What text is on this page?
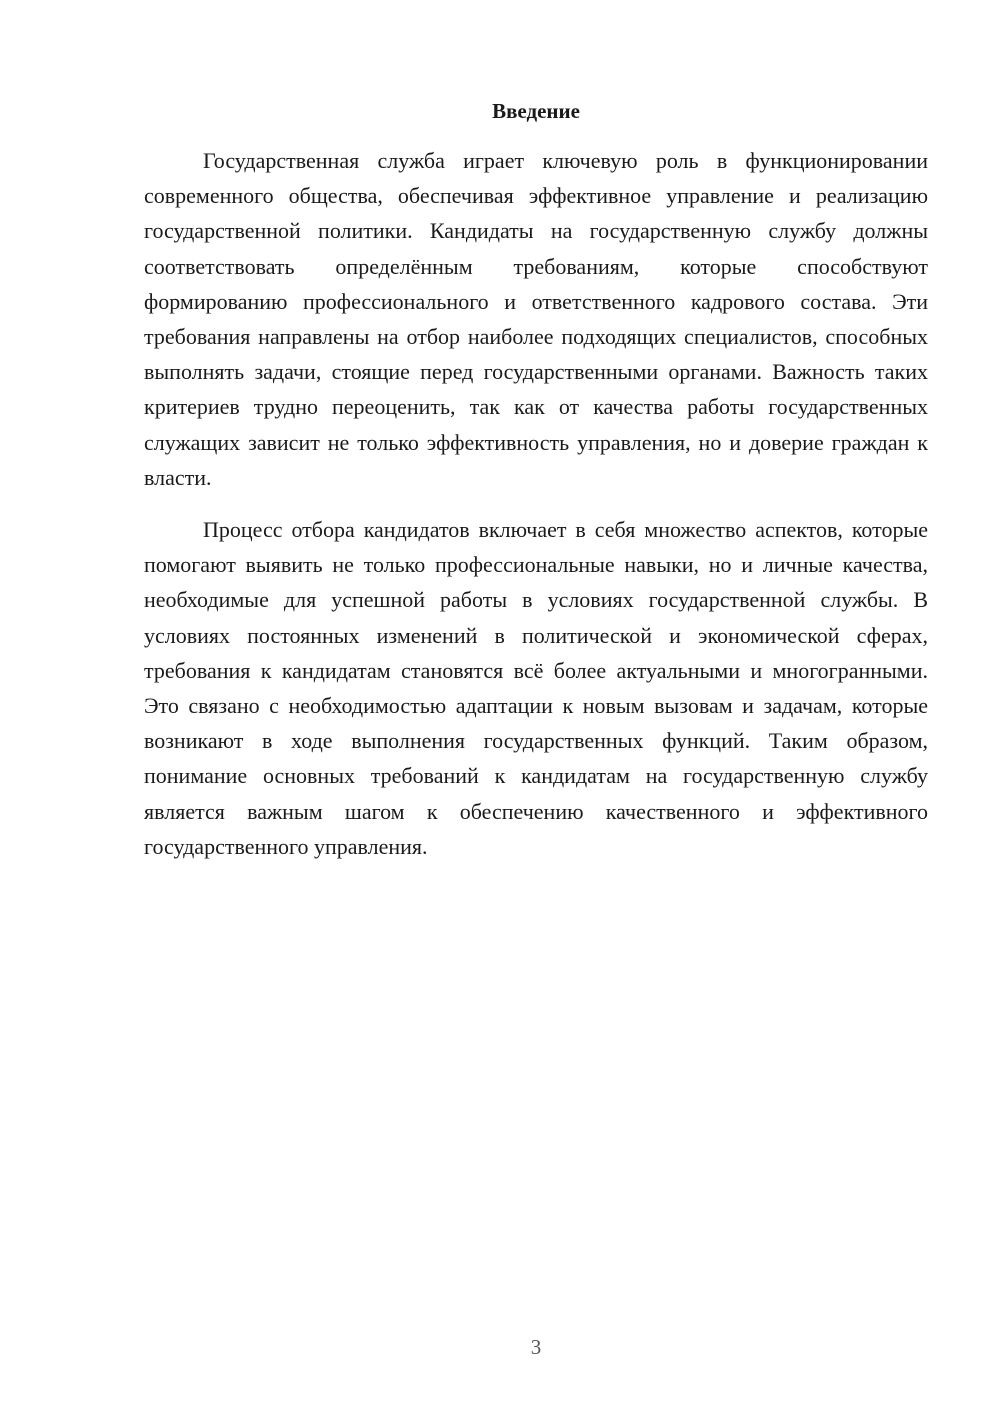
Введение

Государственная служба играет ключевую роль в функционировании современного общества, обеспечивая эффективное управление и реализацию государственной политики. Кандидаты на государственную службу должны соответствовать определённым требованиям, которые способствуют формированию профессионального и ответственного кадрового состава. Эти требования направлены на отбор наиболее подходящих специалистов, способных выполнять задачи, стоящие перед государственными органами. Важность таких критериев трудно переоценить, так как от качества работы государственных служащих зависит не только эффективность управления, но и доверие граждан к власти.

Процесс отбора кандидатов включает в себя множество аспектов, которые помогают выявить не только профессиональные навыки, но и личные качества, необходимые для успешной работы в условиях государственной службы. В условиях постоянных изменений в политической и экономической сферах, требования к кандидатам становятся всё более актуальными и многогранными. Это связано с необходимостью адаптации к новым вызовам и задачам, которые возникают в ходе выполнения государственных функций. Таким образом, понимание основных требований к кандидатам на государственную службу является важным шагом к обеспечению качественного и эффективного государственного управления.

3
